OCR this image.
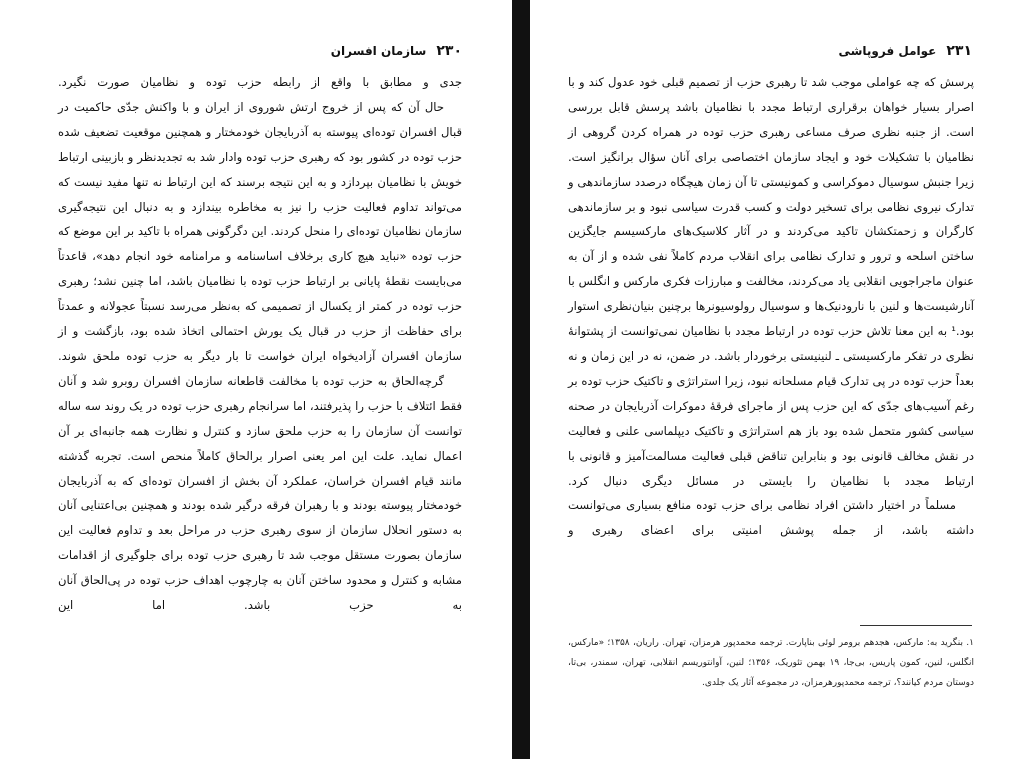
۲۳۰
سازمان افسران

جدی و مطابق با واقع از رابطه حزب توده و نظامیان صورت نگیرد.

حال آن که پس از خروج ارتش شوروی از ایران و با واکنش جدّی حاکمیت در قبال افسران توده‌ای پیوسته به آذربایجان خودمختار و همچنین موقعیت تضعیف شده حزب توده در کشور بود که رهبری حزب توده وادار شد به تجدیدنظر و بازبینی ارتباط خویش با نظامیان بپردازد و به این نتیجه برسند که این ارتباط نه تنها مفید نیست که می‌تواند تداوم فعالیت حزب را نیز به مخاطره بیندازد و به دنبال این نتیجه‌گیری سازمان نظامیان توده‌ای را منحل کردند. این دگرگونی همراه با تاکید بر این موضع که حزب توده «نباید هیچ کاری برخلاف اساسنامه و مرامنامه خود انجام دهد»، قاعدتاً می‌بایست نقطهٔ پایانی بر ارتباط حزب توده با نظامیان باشد، اما چنین نشد؛ رهبری حزب توده در کمتر از یکسال از تصمیمی که به‌نظر می‌رسد نسبتاً عجولانه و عمدتاً برای حفاظت از حزب در قبال یک یورش احتمالی اتخاذ شده بود، بازگشت و از سازمان افسران آزادیخواه ایران خواست تا بار دیگر به حزب توده ملحق شوند.

گرچه‌الحاق به حزب توده با مخالفت قاطعانه سازمان افسران روبرو شد و آنان فقط ائتلاف با حزب را پذیرفتند، اما سرانجام رهبری حزب توده در یک روند سه ساله توانست آن سازمان را به حزب ملحق سازد و کنترل و نظارت همه جانبه‌ای بر آن اعمال نماید. علت این امر یعنی اصرار برالحاق کاملاً منحص است. تجربه گذشته مانند قیام افسران خراسان، عملکرد آن بخش از افسران توده‌ای که به آذربایجان خودمختار پیوسته بودند و با رهبران فرقه درگیر شده بودند و همچنین بی‌اعتنایی آنان به دستور انحلال سازمان از سوی رهبری حزب در مراحل بعد و تداوم فعالیت این سازمان بصورت مستقل موجب شد تا رهبری حزب توده برای جلوگیری از اقدامات مشابه و کنترل و محدود ساختن آنان به چارچوب اهداف حزب توده در پی‌الحاق آنان به حزب باشد. اما این

۲۳۱
عوامل فروپاشی

پرسش که چه عواملی موجب شد تا رهبری حزب از تصمیم قبلی خود عدول کند و با اصرار بسیار خواهان برقراری ارتباط مجدد با نظامیان باشد پرسش قابل بررسی است. از جنبه نظری صرف مساعی رهبری حزب توده در همراه کردن گروهی از نظامیان با تشکیلات خود و ایجاد سازمان اختصاصی برای آنان سؤال برانگیز است. زیرا جنبش سوسیال دموکراسی و کمونیستی تا آن زمان هیچگاه درصدد سازماندهی و تدارک نیروی نظامی برای تسخیر دولت و کسب قدرت سیاسی نبود و بر سازماندهی کارگران و زحمتکشان تاکید می‌کردند و در آثار کلاسیک‌های مارکسیسم جایگزین ساختن اسلحه و ترور و تدارک نظامی برای انقلاب مردم کاملاً نفی شده و از آن به عنوان ماجراجویی انقلابی یاد می‌کردند، مخالفت و مبارزات فکری مارکس و انگلس با آنارشیست‌ها و لنین با نارودنیک‌ها و سوسیال رولوسیونرها برچنین بنیان‌نظری استوار بود.¹ به این معنا تلاش حزب توده در ارتباط مجدد با نظامیان نمی‌توانست از پشتوانهٔ نظری در تفکر مارکسیستی ـ لنینیستی برخوردار باشد. در ضمن، نه در این زمان و نه بعداً حزب توده در پی تدارک قیام مسلحانه نبود، زیرا استراتژی و تاکتیک حزب توده بر رغم آسیب‌های جدّی که این حزب پس از ماجرای فرقهٔ دموکرات آذربایجان در صحنه سیاسی کشور متحمل شده بود باز هم استراتژی و تاکتیک دیپلماسی علنی و فعالیت در نقش مخالف قانونی بود و بنابراین تناقض قبلی فعالیت مسالمت‌آمیز و قانونی با ارتباط مجدد با نظامیان را بایستی در مسائل دیگری دنبال کرد.

مسلماً در اختیار داشتن افراد نظامی برای حزب توده منافع بسیاری می‌توانست داشته باشد، از جمله پوشش امنیتی برای اعضای رهبری و

۱. بنگرید به: مارکس، هجدهم برومر لوئی بناپارت. ترجمه محمدپور هرمزان، تهران. راریان، ۱۳۵۸؛ «مارکس، انگلس، لنین، کمون پاریس، بی‌جا، ۱۹ بهمن تئوریک، ۱۳۵۶؛ لنین، آوانتوریسم انقلابی، تهران، سمندر، بی‌تا، دوستان مردم کیانند؟، ترجمه محمدپورهرمزان، در مجموعه آثار یک جلدی.
